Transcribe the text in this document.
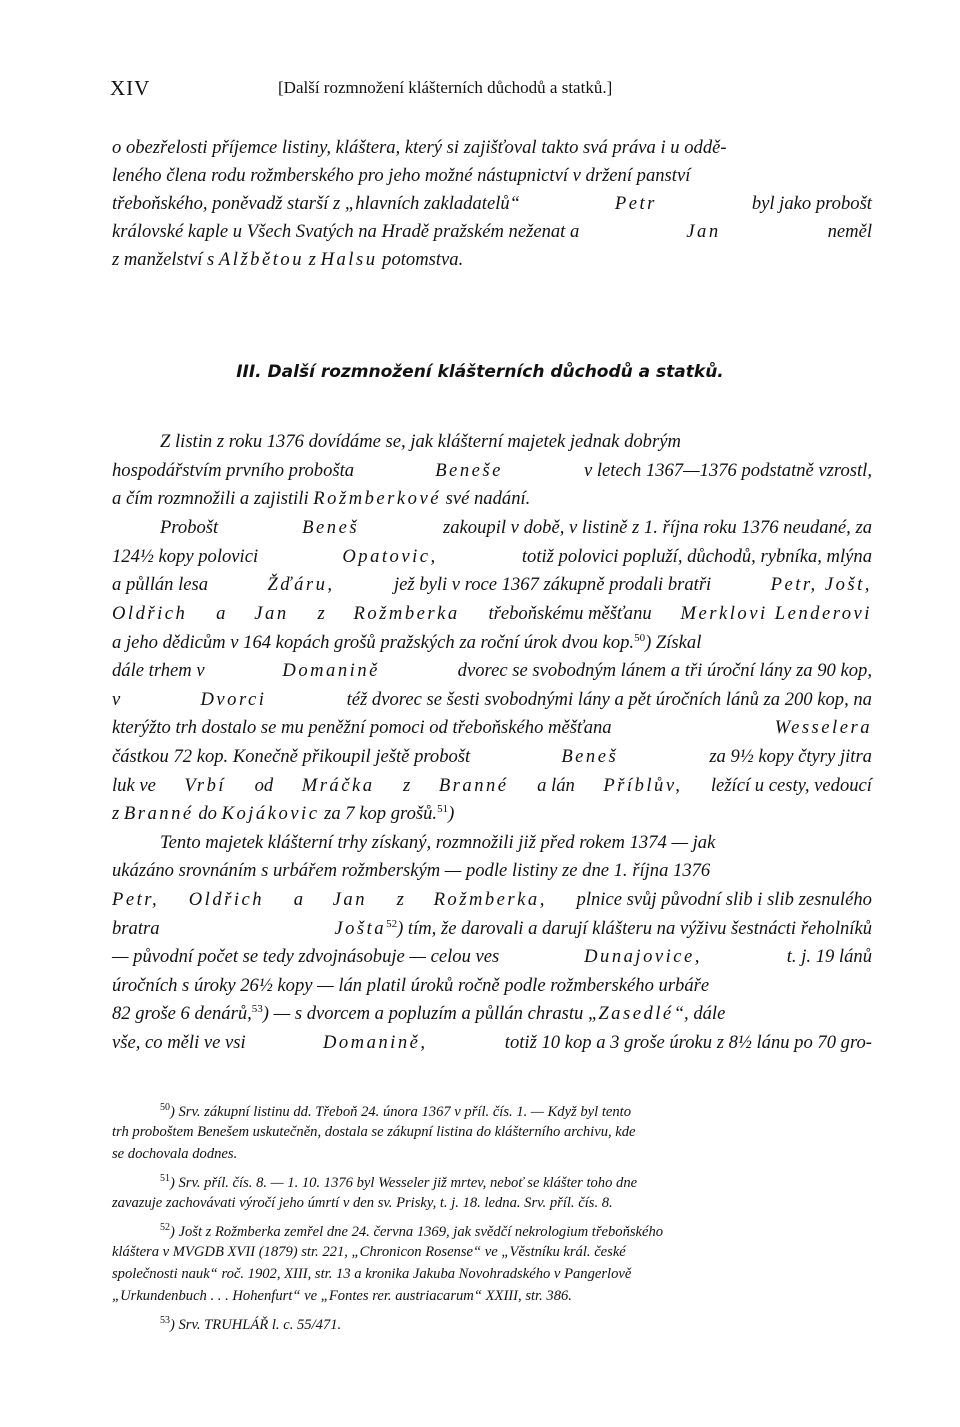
XIV	[Další rozmnožení klášterních důchodů a statků.]
o obezřelosti příjemce listiny, kláštera, který si zajišťoval takto svá práva i u oddě-
leného člena rodu rožmberského pro jeho možné nástupnictví v držení panství
třeboňského, poněvadž starší z „hlavních zakladatelů“	Petr	byl jako probošt
královské kaple u Všech Svatých na Hradě pražském neženat a	Jan	neměl
z manželství s Alžbětou z Halsu potomstva.
III. Další rozmnožení klášterních důchodů a statků.
Z listin z roku 1376 dovídáme se, jak klášterní majetek jednak dobrým
hospodářstvím prvního probošta	Beneše	v letech 1367—1376 podstatně vzrostl,
a čím rozmnožili a zajistili Rožmberkové své nadání.
Probošt	Beneš	zakoupil v době, v listině z 1. října roku 1376 neudané, za
124½ kopy polovici	Opatovic,	totiž polovici popluží, důchodů, rybníka, mlýna
a půllán lesa	Žďáru,	jež byli v roce 1367 zákupně prodali bratři	Petr, Jošt,
Oldřich a Jan z Rožmberka třeboňskému měšťanu Merklovi Lenderovi
a jeho dědicům v 164 kopách grošů pražských za roční úrok dvou kop.$^{50}$) Získal
dále trhem v	Domanině	dvorec se svobodným lánem a tři úroční lány za 90 kop,
v	Dvorci	též dvorec se šesti svobodnými lány a pět úročních lánů za 200 kop, na
kterýžto trh dostalo se mu peněžní pomoci od třeboňského měšťana	Wesselera
částkou 72 kop. Konečně přikoupil ještě probošt	Beneš	za 9½ kopy čtyry jitra
luk ve Vrbí od Mráčka z Branné a lán Příblův, ležící u cesty, vedoucí
z Branné do Kojákovic za 7 kop grošů.$^{51}$)
Tento majetek klášterní trhy získaný, rozmnožili již před rokem 1374 — jak
ukázáno srovnáním s urbářem rožmberským — podle listiny ze dne 1. října 1376
Petr, Oldřich a Jan z Rožmberka, plnice svůj původní slib i slib zesnulého
bratra	Jošta$^{52}$) tím, že darovali a darují klášteru na výživu šestnácti řeholníků
— původní počet se tedy zdvojnásobuje — celou ves	Dunajovice,	t. j. 19 lánů
úročních s úroky 26½ kopy — lán platil úroků ročně podle rožmberského urbáře
82 groše 6 denárů,$^{53}$) — s dvorcem a popluzím a půllán chrastu „Zasedlé“, dále
vše, co měli ve vsi	Domanině,	totiž 10 kop a 3 groše úroku z 8½ lánu po 70 gro-
$^{50}$) Srv. zákupní listinu dd. Třeboň 24. února 1367 v příl. čís. 1. — Když byl tento
trh proboštem Benešem uskutečněn, dostala se zákupní listina do klášterního archivu, kde
se dochovala dodnes.
$^{51}$) Srv. příl. čís. 8. — 1. 10. 1376 byl Wesseler již mrtev, neboť se klášter toho dne
zavazuje zachovávati výročí jeho úmrtí v den sv. Prisky, t. j. 18. ledna. Srv. příl. čís. 8.
$^{52}$) Jošt z Rožmberka zemřel dne 24. června 1369, jak svědčí nekrologium třeboňského
kláštera v MVGDB XVII (1879) str. 221, „Chronicon Rosense“ ve „Věstníku král. české
společnosti nauk“ roč. 1902, XIII, str. 13 a kronika Jakuba Novohradského v Pangerlově
„Urkundenbuch . . . Hohenfurt“ ve „Fontes rer. austriacarum“ XXIII, str. 386.
$^{53}$) Srv. TRUHLÁŘ l. c. 55/471.
